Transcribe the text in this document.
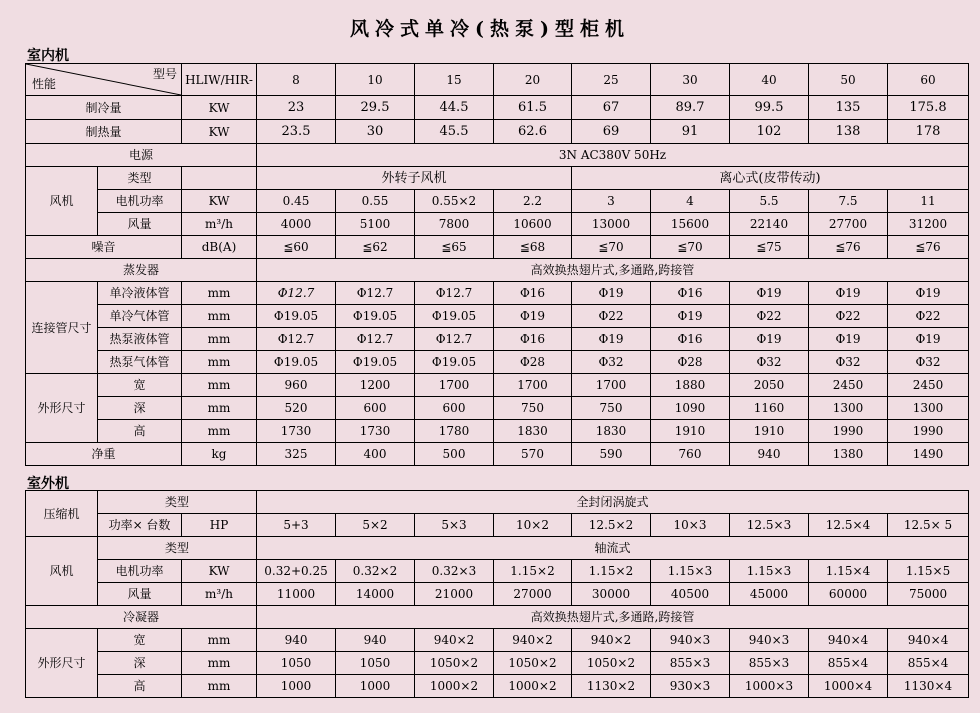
风冷式单冷(热泵)型柜机
室内机
型号
性能		HLIW/HIR-	8	10	15	20	25	30	40	50	60
制冷量		KW	23	29.5	44.5	61.5	67	89.7	99.5	135	175.8
制热量		KW	23.5	30	45.5	62.6	69	91	102	138	178
电源			3N AC380V 50Hz								
风机	类型		外转子风机				离心式(皮带传动)				
	电机功率	KW	0.45	0.55	0.55×2	2.2	3	4	5.5	7.5	11
	风量	m³/h	4000	5100	7800	10600	13000	15600	22140	27700	31200
噪音		dB(A)	≦60	≦62	≦65	≦68	≦70	≦70	≦75	≦76	≦76
蒸发器			高效换热翅片式,多通路,跨接管								
连接管尺寸	单冷液体管	mm	Φ12.7	Φ12.7	Φ12.7	Φ16	Φ19	Φ16	Φ19	Φ19	Φ19
	单冷气体管	mm	Φ19.05	Φ19.05	Φ19.05	Φ19	Φ22	Φ19	Φ22	Φ22	Φ22
	热泵液体管	mm	Φ12.7	Φ12.7	Φ12.7	Φ16	Φ19	Φ16	Φ19	Φ19	Φ19
	热泵气体管	mm	Φ19.05	Φ19.05	Φ19.05	Φ28	Φ32	Φ28	Φ32	Φ32	Φ32
外形尺寸	宽	mm	960	1200	1700	1700	1700	1880	2050	2450	2450
	深	mm	520	600	600	750	750	1090	1160	1300	1300
	高	mm	1730	1730	1780	1830	1830	1910	1910	1990	1990
净重		kg	325	400	500	570	590	760	940	1380	1490
室外机
压缩机	类型		全封闭涡旋式								
	功率× 台数	HP	5+3	5×2	5×3	10×2	12.5×2	10×3	12.5×3	12.5×4	12.5× 5
风机	类型		轴流式								
	电机功率	KW	0.32+0.25	0.32×2	0.32×3	1.15×2	1.15×2	1.15×3	1.15×3	1.15×4	1.15×5
	风量	m³/h	11000	14000	21000	27000	30000	40500	45000	60000	75000
冷凝器			高效换热翅片式,多通路,跨接管								
外形尺寸	宽	mm	940	940	940×2	940×2	940×2	940×3	940×3	940×4	940×4
	深	mm	1050	1050	1050×2	1050×2	1050×2	855×3	855×3	855×4	855×4
	高	mm	1000	1000	1000×2	1000×2	1130×2	930×3	1000×3	1000×4	1130×4
